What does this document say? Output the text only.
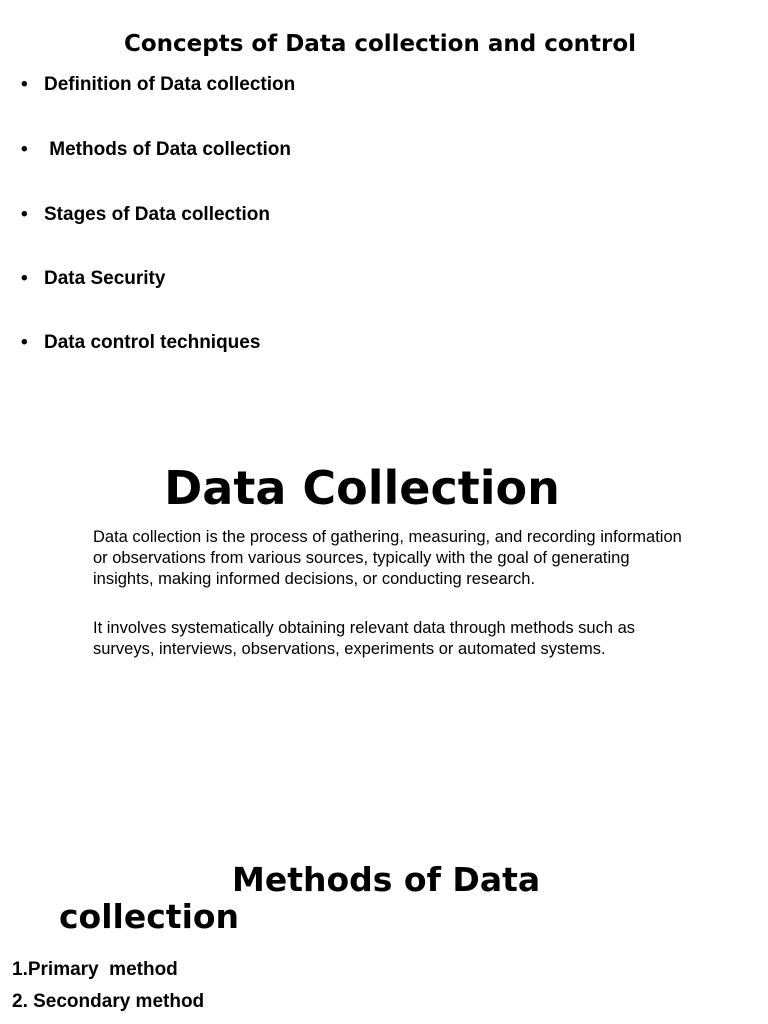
Concepts of Data collection and control
• Definition of Data collection
• Methods of Data collection
• Stages of Data collection
• Data Security
• Data control techniques
Data Collection

Data collection is the process of gathering, measuring, and recording information or observations from various sources, typically with the goal of generating insights, making informed decisions, or conducting research.

It involves systematically obtaining relevant data through methods such as surveys, interviews, observations, experiments or automated systems.

Methods of Data
collection
1.Primary  method
2. Secondary method
